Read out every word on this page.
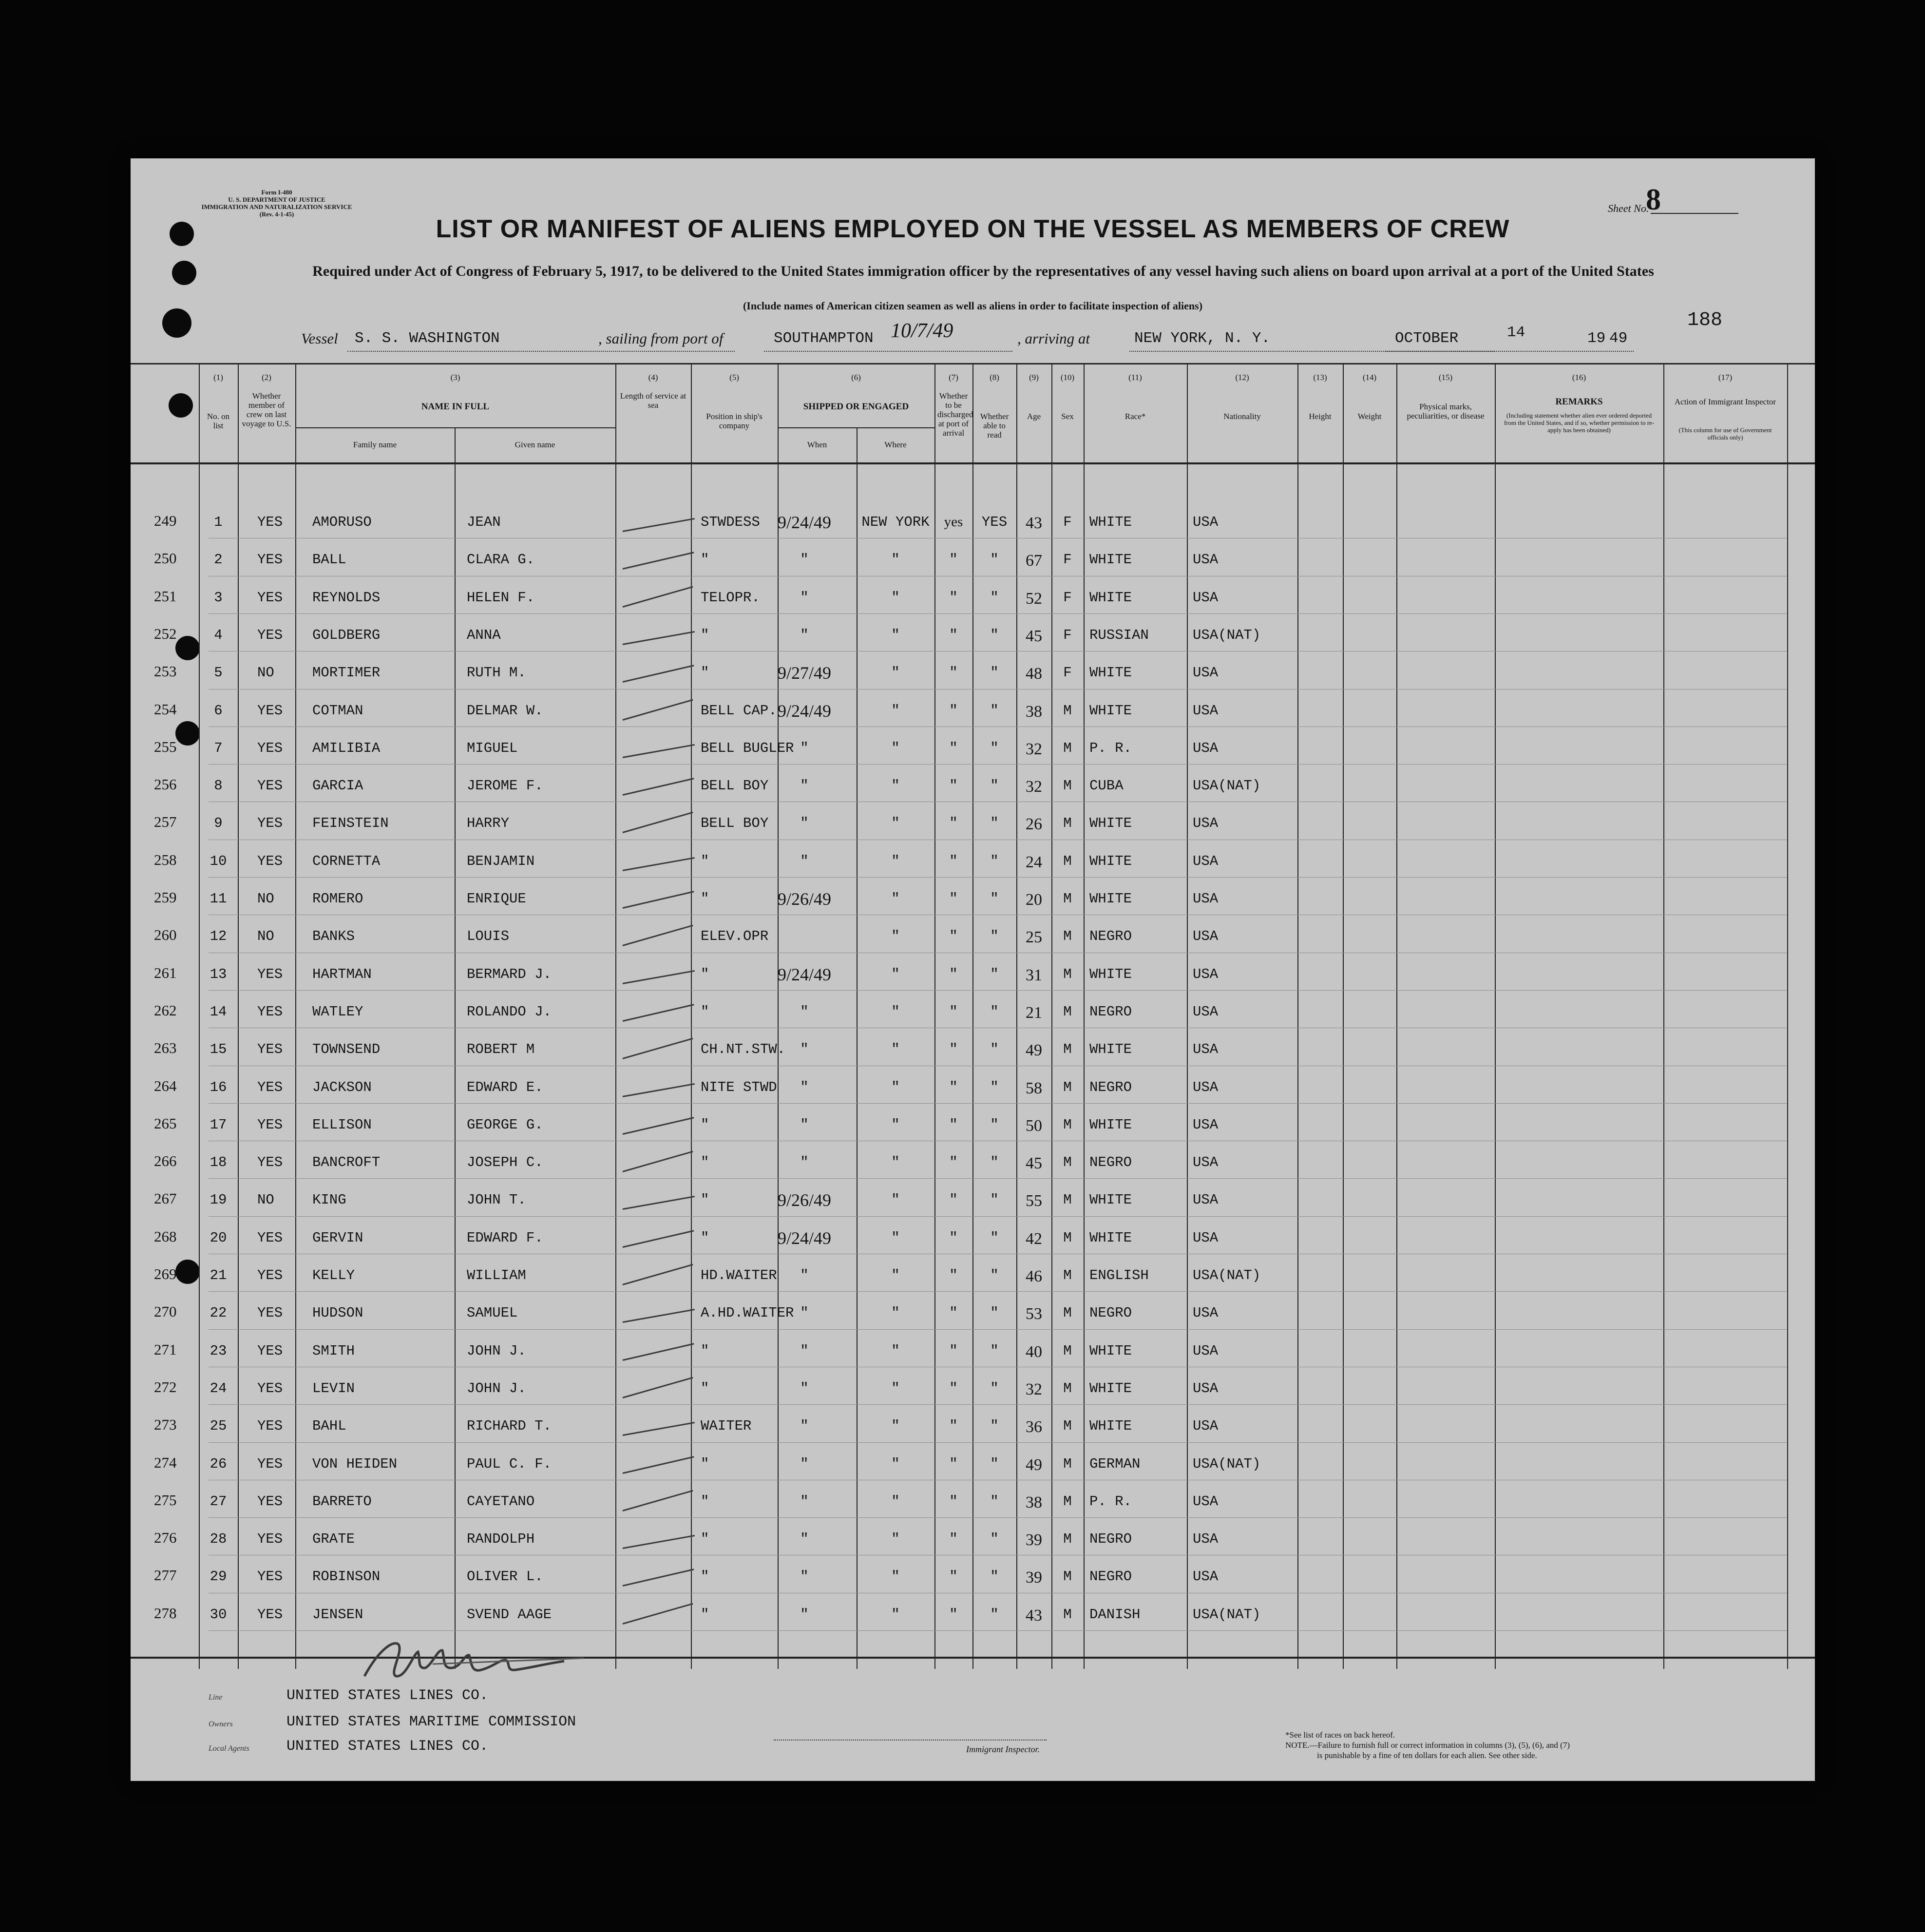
Form I-480
U. S. DEPARTMENT OF JUSTICE
IMMIGRATION AND NATURALIZATION SERVICE
(Rev. 4-1-45)	Sheet No.
8
LIST OR MANIFEST OF ALIENS EMPLOYED ON THE VESSEL AS MEMBERS OF CREW
Required under Act of Congress of February 5, 1917, to be delivered to the United States immigration officer by the representatives of any vessel having such aliens on board upon arrival at a port of the United States
(Include names of American citizen seamen as well as aliens in order to facilitate inspection of aliens)
Vessel S. S. WASHINGTON	, sailing from port of	SOUTHAMPTON 10/7/49	, arriving at	NEW YORK, N. Y.	OCTOBER	14	19 49
188
(1)
No. on list
(2)
Whether member of crew on last voyage to U.S.
(3)
NAME IN FULL
(4)
Length of service at sea
(5)
Position in ship's company
(6)
SHIPPED OR ENGAGED
(7)
Whether to be discharged at port of arrival
(8)
Whether able to read
(9)
Age
(10)
Sex
(11)
Race*
(12)
Nationality
(13)
Height
(14)
Weight
(15)
Physical marks, peculiarities, or disease
(16)
REMARKS
(17)
Action of Immigrant Inspector
Family name	Given name	When	Where
(Including statement whether alien ever ordered deported from the United States, and if so, whether permission to re-apply has been obtained)	(This column for use of Government officials only)
249	1	YES AMORUSO	JEAN	STWDESS 9/24/49	NEW YORK	yes	YES	43	F	WHITE	USA
250	2	YES BALL	CLARA G.	"	"	"	"	"	67	F	WHITE	USA
251	3	YES REYNOLDS	HELEN F.	TELOPR.	"	"	"	"	52	F	WHITE	USA
252	4	YES GOLDBERG	ANNA	"	"	"	"	"	45	F	RUSSIAN	USA(NAT)
253	5	NO	MORTIMER	RUTH M.	"	9/27/49	"	"	"	48	F	WHITE	USA
254	6	YES COTMAN	DELMAR W.	BELL CAP. 9/24/49	"	"	"	38	M	WHITE	USA
255	7	YES AMILIBIA	MIGUEL	BELL BUGLER "	"	"	"	32	M	P. R.	USA
256	8	YES GARCIA	JEROME F.	BELL BOY	"	"	"	"	32	M	CUBA	USA(NAT)
257	9	YES FEINSTEIN	HARRY	BELL BOY	"	"	"	"	26	M	WHITE	USA
258	10	YES CORNETTA	BENJAMIN	"	"	"	"	"	24	M	WHITE	USA
259	11	NO	ROMERO	ENRIQUE	"	9/26/49	"	"	"	20	M	WHITE	USA
260	12	NO	BANKS	LOUIS	ELEV.OPR	"	"	"	25	M	NEGRO	USA
261	13	YES HARTMAN	BERMARD J.	"	9/24/49	"	"	"	31	M	WHITE	USA
262	14	YES WATLEY	ROLANDO J.	"	"	"	"	"	21	M	NEGRO	USA
263	15	YES TOWNSEND	ROBERT M	CH.NT.STW.	"	"	"	"	49	M	WHITE	USA
264	16	YES JACKSON	EDWARD E.	NITE STWD	"	"	"	"	58	M	NEGRO	USA
265	17	YES ELLISON	GEORGE G.	"	"	"	"	"	50	M	WHITE	USA
266	18	YES BANCROFT	JOSEPH C.	"	"	"	"	"	45	M	NEGRO	USA
267	19	NO	KING	JOHN T.	"	9/26/49	"	"	"	55	M	WHITE	USA
268	20	YES GERVIN	EDWARD F.	"	9/24/49	"	"	"	42	M	WHITE	USA
269	21	YES KELLY	WILLIAM	HD.WAITER	"	"	"	"	46	M	ENGLISH	USA(NAT)
270	22	YES HUDSON	SAMUEL	A.HD.WAITER "	"	"	"	53	M	NEGRO	USA
271	23	YES SMITH	JOHN J.	"	"	"	"	"	40	M	WHITE	USA
272	24	YES LEVIN	JOHN J.	"	"	"	"	"	32	M	WHITE	USA
273	25	YES BAHL	RICHARD T.	WAITER	"	"	"	"	36	M	WHITE	USA
274	26	YES VON HEIDEN	PAUL C. F.	"	"	"	"	"	49	M	GERMAN	USA(NAT)
275	27	YES BARRETO	CAYETANO	"	"	"	"	"	38	M	P. R.	USA
276	28	YES GRATE	RANDOLPH	"	"	"	"	"	39	M	NEGRO	USA
277	29	YES ROBINSON	OLIVER L.	"	"	"	"	"	39	M	NEGRO	USA
278	30	YES JENSEN	SVEND AAGE	"	"	"	"	"	43	M	DANISH	USA(NAT)
Line	UNITED STATES LINES CO.
Owners	UNITED STATES MARITIME COMMISSION
Local Agents	UNITED STATES LINES CO.	Immigrant Inspector.
*See list of races on back hereof.
NOTE.—Failure to furnish full or correct information in columns (3), (5), (6), and (7)
is punishable by a fine of ten dollars for each alien. See other side.
